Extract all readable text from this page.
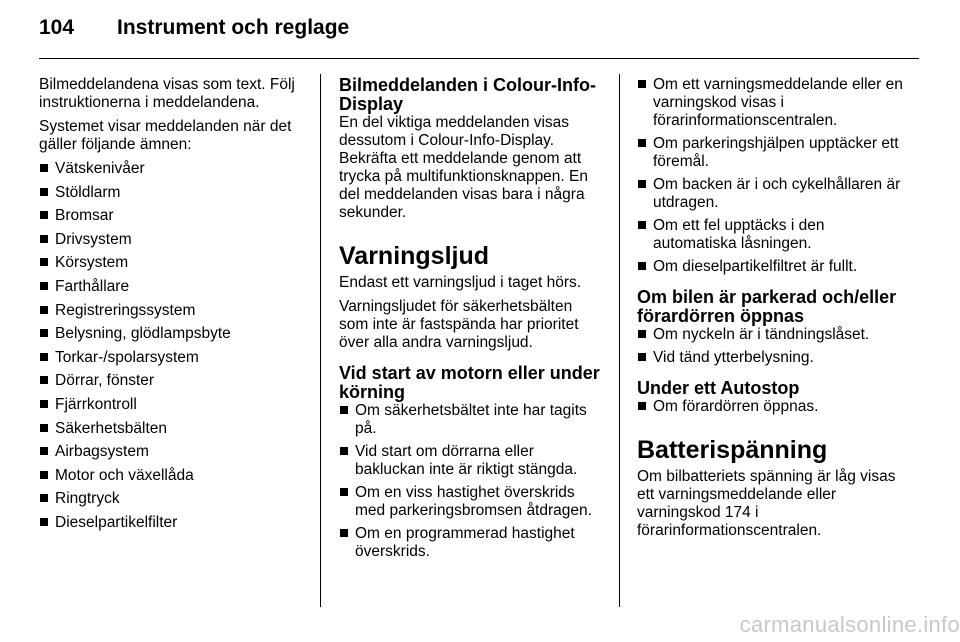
104 Instrument och reglage

Bilmeddelandena visas som text. Följ instruktionerna i meddelandena.

Systemet visar meddelanden när det gäller följande ämnen:

Vätskenivåer
Stöldlarm
Bromsar
Drivsystem
Körsystem
Farthållare
Registreringssystem
Belysning, glödlampsbyte
Torkar-/spolarsystem
Dörrar, fönster
Fjärrkontroll
Säkerhetsbälten
Airbagsystem
Motor och växellåda
Ringtryck
Dieselpartikelfilter
Bilmeddelanden i Colour-Info-Display

En del viktiga meddelanden visas dessutom i Colour-Info-Display. Bekräfta ett meddelande genom att trycka på multifunktionsknappen. En del meddelanden visas bara i några sekunder.

Varningsljud

Endast ett varningsljud i taget hörs.

Varningsljudet för säkerhetsbälten som inte är fastspända har prioritet över alla andra varningsljud.

Vid start av motorn eller under körning
Om säkerhetsbältet inte har tagits på.
Vid start om dörrarna eller bakluckan inte är riktigt stängda.
Om en viss hastighet överskrids med parkeringsbromsen åtdragen.
Om en programmerad hastighet överskrids.
Om ett varningsmeddelande eller en varningskod visas i förarinformationscentralen.
Om parkeringshjälpen upptäcker ett föremål.
Om backen är i och cykelhållaren är utdragen.
Om ett fel upptäcks i den automatiska låsningen.
Om dieselpartikelfiltret är fullt.
Om bilen är parkerad och/eller förardörren öppnas
Om nyckeln är i tändningslåset.
Vid tänd ytterbelysning.
Under ett Autostop
Om förardörren öppnas.
Batterispänning

Om bilbatteriets spänning är låg visas ett varningsmeddelande eller varningskod 174 i förarinformationscentralen.

carmanualsonline.info
